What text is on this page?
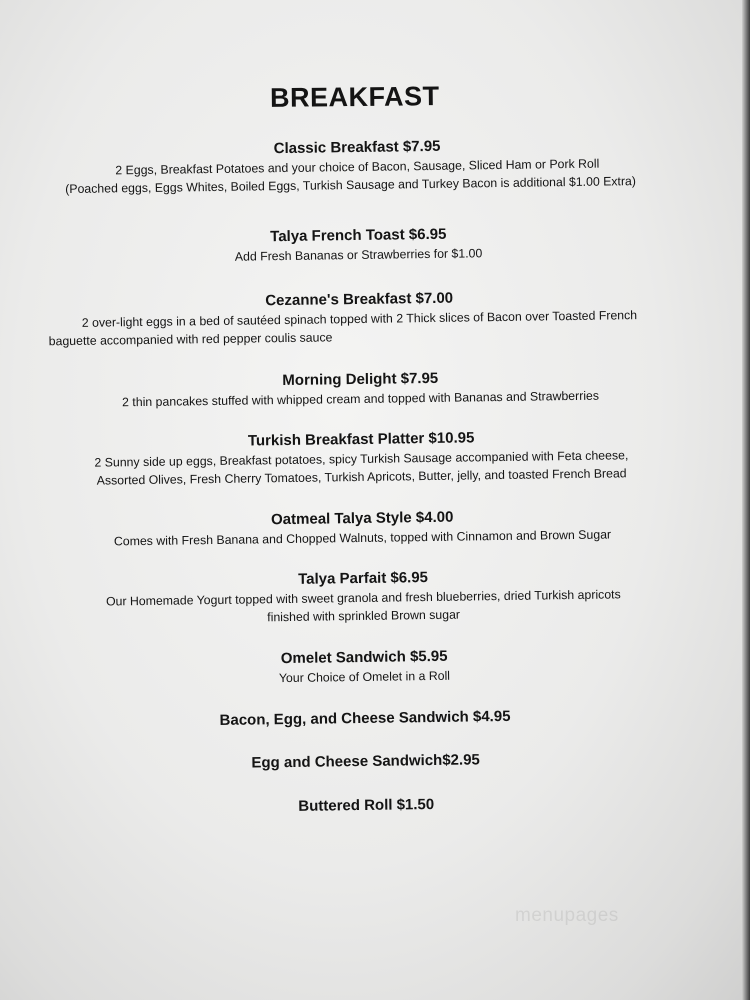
BREAKFAST
Classic Breakfast $7.95
2 Eggs, Breakfast Potatoes and your choice of Bacon, Sausage, Sliced Ham or Pork Roll
(Poached eggs, Eggs Whites, Boiled Eggs, Turkish Sausage and Turkey Bacon is additional $1.00 Extra)
Talya French Toast $6.95
Add Fresh Bananas or Strawberries for $1.00
Cezanne's Breakfast $7.00
2 over-light eggs in a bed of sautéed spinach topped with 2 Thick slices of Bacon over Toasted French
baguette accompanied with red pepper coulis sauce
Morning Delight $7.95
2 thin pancakes stuffed with whipped cream and topped with Bananas and Strawberries
Turkish Breakfast Platter $10.95
2 Sunny side up eggs, Breakfast potatoes, spicy Turkish Sausage accompanied with Feta cheese,
Assorted Olives, Fresh Cherry Tomatoes, Turkish Apricots, Butter, jelly, and toasted French Bread
Oatmeal Talya Style $4.00
Comes with Fresh Banana and Chopped Walnuts, topped with Cinnamon and Brown Sugar
Talya Parfait $6.95
Our Homemade Yogurt topped with sweet granola and fresh blueberries, dried Turkish apricots
finished with sprinkled Brown sugar
Omelet Sandwich $5.95
Your Choice of Omelet in a Roll
Bacon, Egg, and Cheese Sandwich $4.95
Egg and Cheese Sandwich$2.95
Buttered Roll $1.50
menupages
